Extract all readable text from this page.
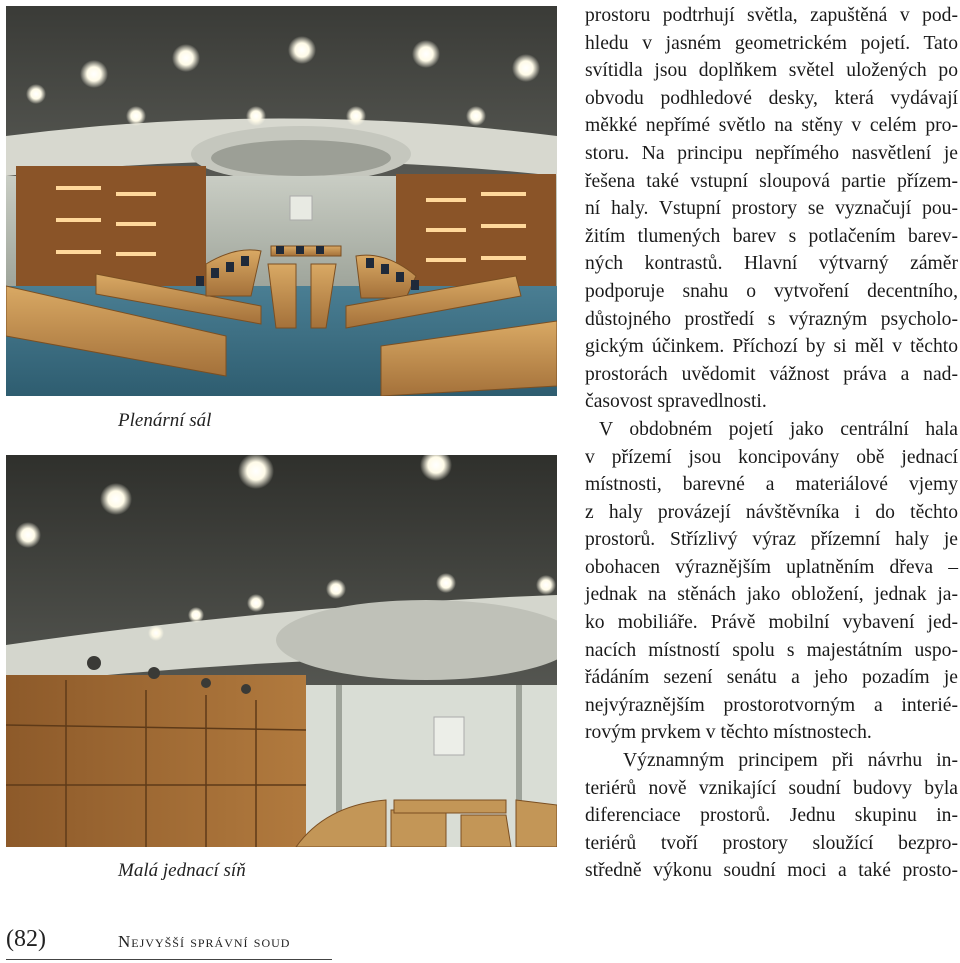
Plenární sál
Malá jednací síň
prostoru podtrhují světla, zapuštěná v pod-
hledu v jasném geometrickém pojetí. Tato
svítidla jsou doplňkem světel uložených po
obvodu podhledové desky, která vydávají
měkké nepřímé světlo na stěny v celém pro-
storu. Na principu nepřímého nasvětlení je
řešena také vstupní sloupová partie přízem-
ní haly. Vstupní prostory se vyznačují pou-
žitím tlumených barev s potlačením barev-
ných kontrastů. Hlavní výtvarný záměr
podporuje snahu o vytvoření decentního,
důstojného prostředí s výrazným psycholo-
gickým účinkem. Příchozí by si měl v těchto
prostorách uvědomit vážnost práva a nad-
časovost spravedlnosti.
V obdobném pojetí jako centrální hala
v přízemí jsou koncipovány obě jednací
místnosti, barevné a materiálové vjemy
z haly provázejí návštěvníka i do těchto
prostorů. Střízlivý výraz přízemní haly je
obohacen výraznějším uplatněním dřeva –
jednak na stěnách jako obložení, jednak ja-
ko mobiliáře. Právě mobilní vybavení jed-
nacích místností spolu s majestátním uspo-
řádáním sezení senátu a jeho pozadím je
nejvýraznějším prostorotvorným a interié-
rovým prvkem v těchto místnostech.
Významným principem při návrhu in-
teriérů nově vznikající soudní budovy byla
diferenciace prostorů. Jednu skupinu in-
teriérů tvoří prostory sloužící bezpro-
středně výkonu soudní moci a také prosto-
(82)	Nejvyšší správní soud
